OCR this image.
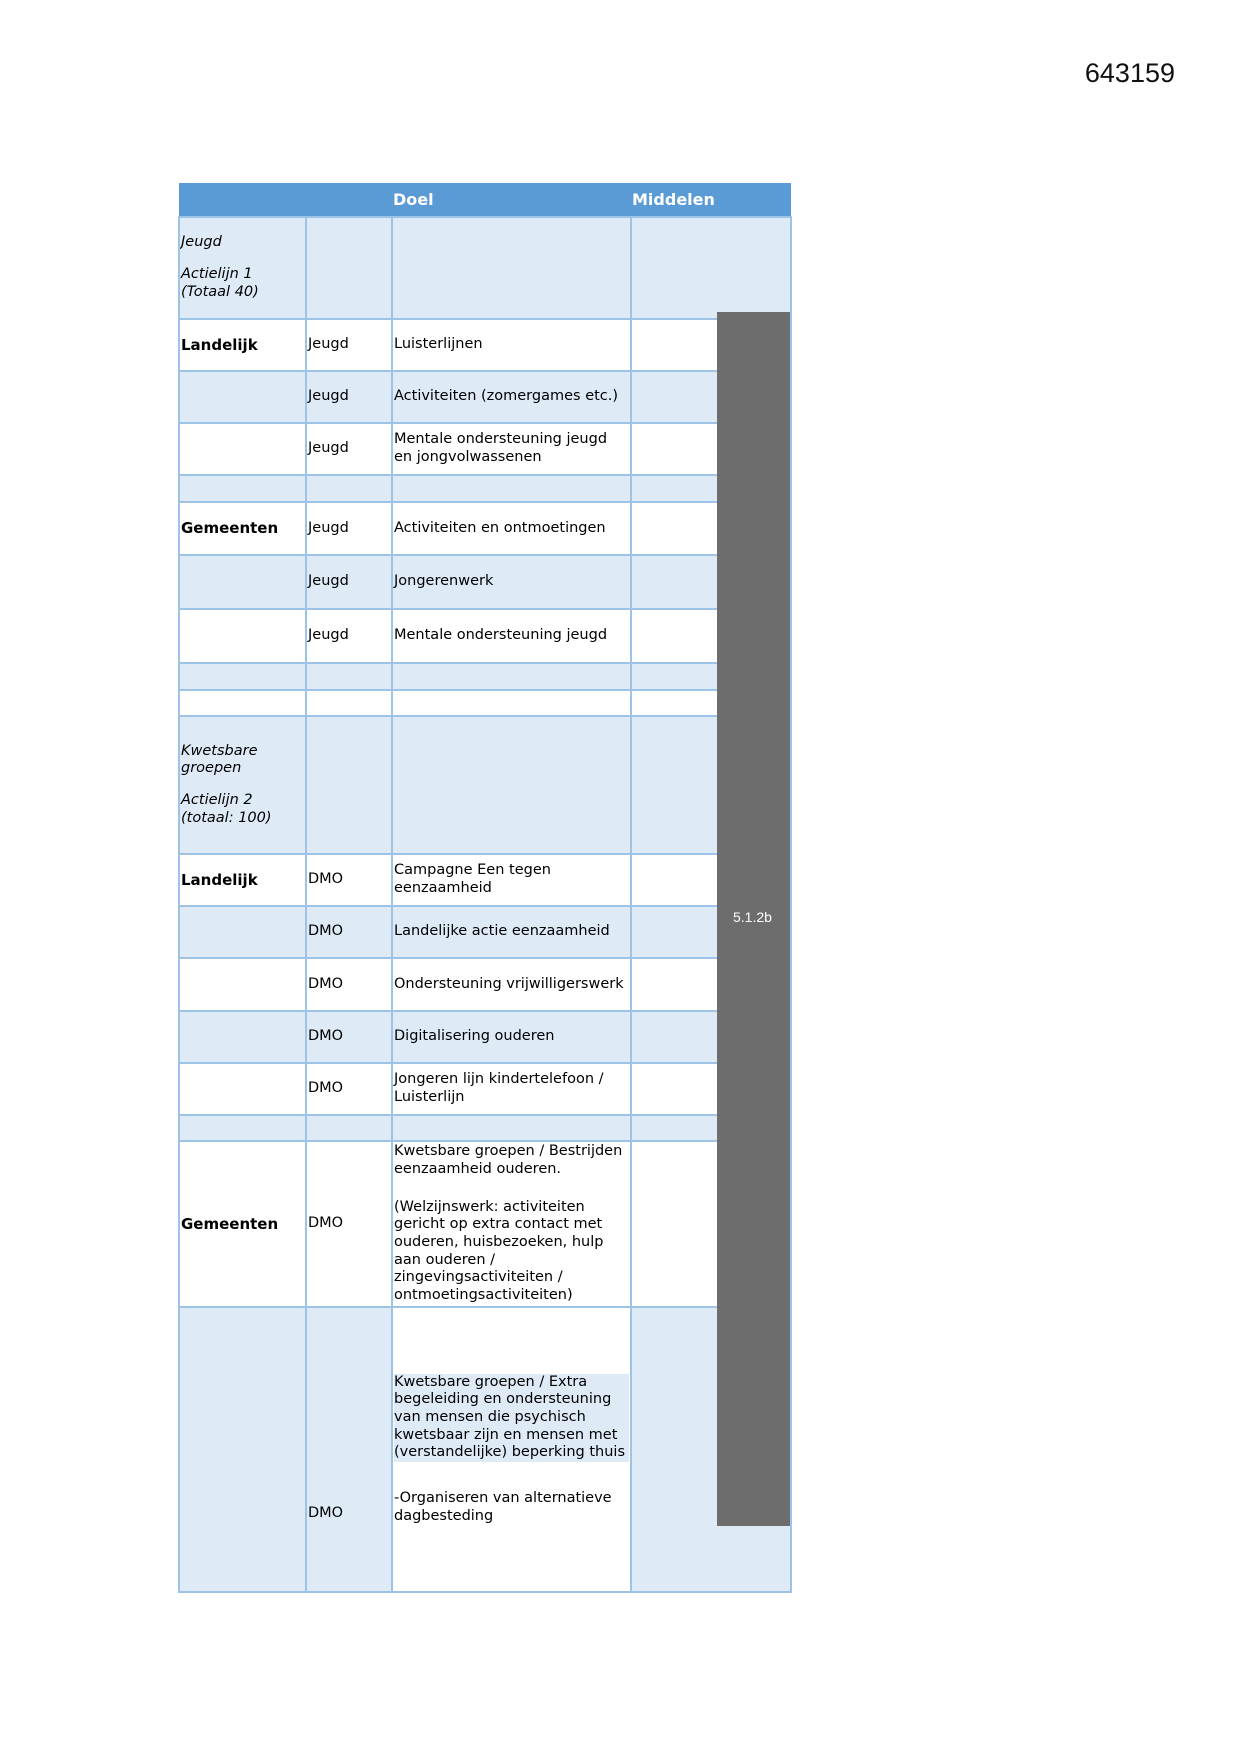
643159
		Doel	Middelen

Jeugd
Actielijn 1
(Totaal 40)			

Landelijk	Jeugd	Luisterlijnen	
	Jeugd	Activiteiten (zomergames etc.)	
	Jeugd	Mentale ondersteuning jeugd en jongvolwassenen	

Gemeenten	Jeugd	Activiteiten en ontmoetingen	
	Jeugd	Jongerenwerk	
	Jeugd	Mentale ondersteuning jeugd	

Kwetsbare groepen
Actielijn 2
(totaal: 100)			

Landelijk	DMO	Campagne Een tegen eenzaamheid	
	DMO	Landelijke actie eenzaamheid	
	DMO	Ondersteuning vrijwilligerswerk	
	DMO	Digitalisering ouderen	
	DMO	Jongeren lijn kindertelefoon / Luisterlijn	

Gemeenten	DMO	Kwetsbare groepen / Bestrijden eenzaamheid ouderen.
(Welzijnswerk: activiteiten gericht op extra contact met ouderen, huisbezoeken, hulp aan ouderen / zingevingsactiviteiten / ontmoetingsactiviteiten)	

	DMO	Kwetsbare groepen / Extra begeleiding en ondersteuning van mensen die psychisch kwetsbaar zijn en mensen met (verstandelijke) beperking thuis
-Organiseren van alternatieve dagbesteding	

5.1.2b
